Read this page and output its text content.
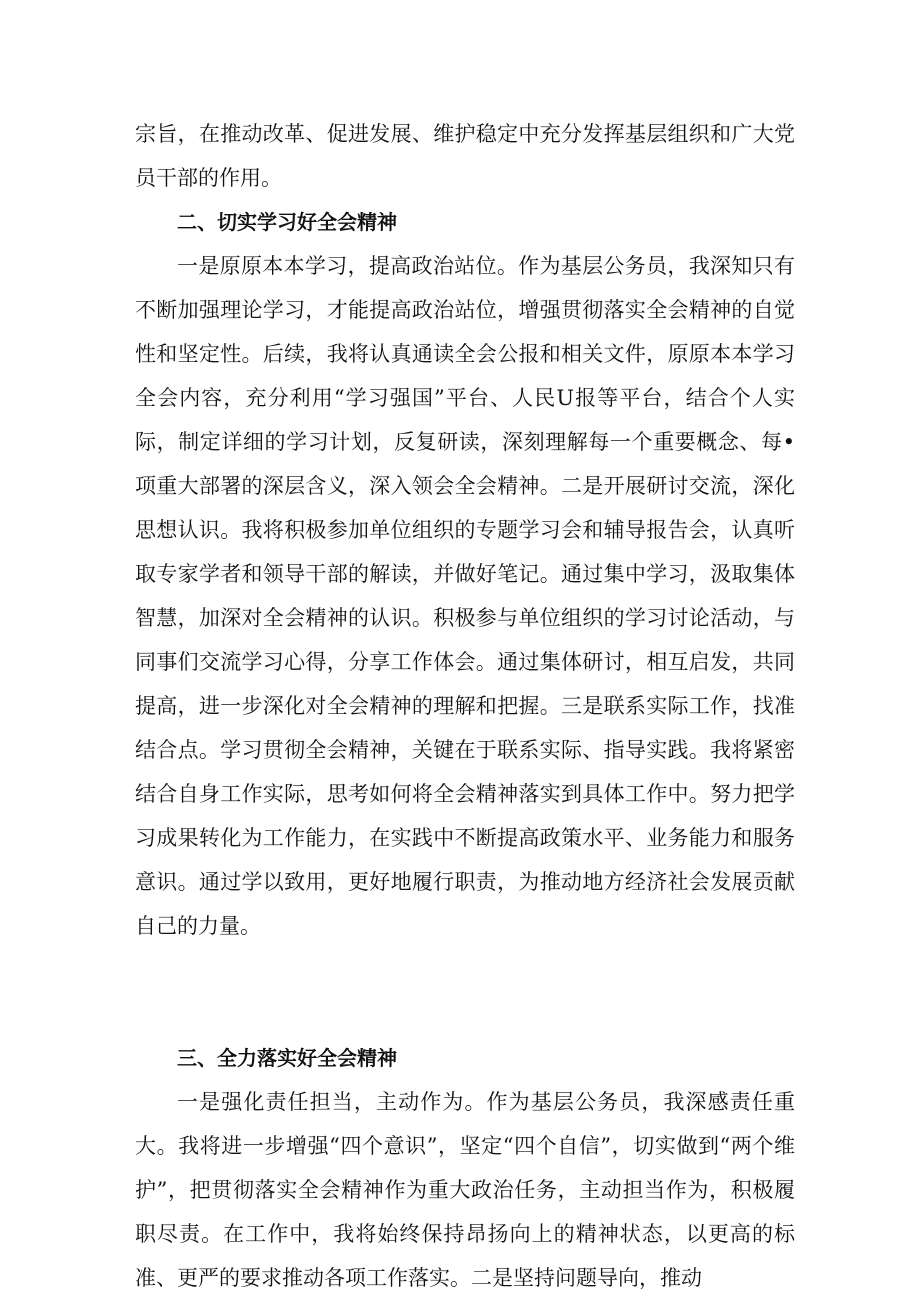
宗旨，在推动改革、促进发展、维护稳定中充分发挥基层组织和广大党员干部的作用。

二、切实学习好全会精神

一是原原本本学习，提高政治站位。作为基层公务员，我深知只有不断加强理论学习，才能提高政治站位，增强贯彻落实全会精神的自觉性和坚定性。后续，我将认真通读全会公报和相关文件，原原本本学习全会内容，充分利用“学习强国”平台、人民U报等平台，结合个人实际，制定详细的学习计划，反复研读，深刻理解每一个重要概念、每•项重大部署的深层含义，深入领会全会精神。二是开展研讨交流，深化思想认识。我将积极参加单位组织的专题学习会和辅导报告会，认真听取专家学者和领导干部的解读，并做好笔记。通过集中学习，汲取集体智慧，加深对全会精神的认识。积极参与单位组织的学习讨论活动，与同事们交流学习心得，分享工作体会。通过集体研讨，相互启发，共同提高，进一步深化对全会精神的理解和把握。三是联系实际工作，找准结合点。学习贯彻全会精神，关键在于联系实际、指导实践。我将紧密结合自身工作实际，思考如何将全会精神落实到具体工作中。努力把学习成果转化为工作能力，在实践中不断提高政策水平、业务能力和服务意识。通过学以致用，更好地履行职责，为推动地方经济社会发展贡献自己的力量。

三、全力落实好全会精神

一是强化责任担当，主动作为。作为基层公务员，我深感责任重大。我将进一步增强“四个意识”，坚定“四个自信”，切实做到“两个维护”，把贯彻落实全会精神作为重大政治任务，主动担当作为，积极履职尽责。在工作中，我将始终保持昂扬向上的精神状态，以更高的标准、更严的要求推动各项工作落实。二是坚持问题导向，推动
